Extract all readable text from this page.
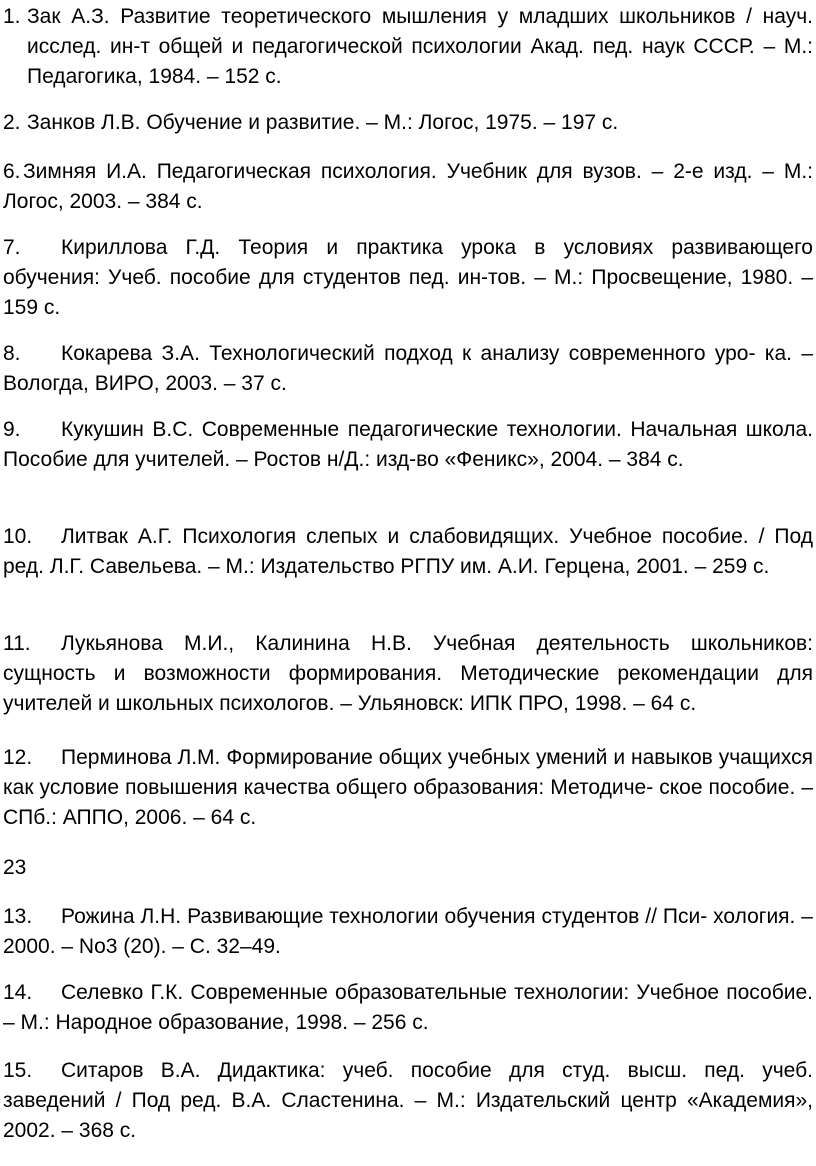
1. Зак А.З. Развитие теоретического мышления у младших школьников / науч. исслед. ин-т общей и педагогической психологии Акад. пед. наук СССР. – М.: Педагогика, 1984. – 152 с.

2. Занков Л.В. Обучение и развитие. – М.: Логос, 1975. – 197 с.

6. Зимняя И.А. Педагогическая психология. Учебник для вузов. – 2-е изд. – М.: Логос, 2003. – 384 с.

7. Кириллова Г.Д. Теория и практика урока в условиях развивающего обучения: Учеб. пособие для студентов пед. ин-тов. – М.: Просвещение, 1980. – 159 с.

8. Кокарева З.А. Технологический подход к анализу современного уро- ка. – Вологда, ВИРО, 2003. – 37 с.

9. Кукушин В.С. Современные педагогические технологии. Начальная школа. Пособие для учителей. – Ростов н/Д.: изд-во «Феникс», 2004. – 384 с.

10. Литвак А.Г. Психология слепых и слабовидящих. Учебное пособие. / Под ред. Л.Г. Савельева. – М.: Издательство РГПУ им. А.И. Герцена, 2001. – 259 с.

11. Лукьянова М.И., Калинина Н.В. Учебная деятельность школьников: сущность и возможности формирования. Методические рекомендации для учителей и школьных психологов. – Ульяновск: ИПК ПРО, 1998. – 64 с.

12. Перминова Л.М. Формирование общих учебных умений и навыков учащихся как условие повышения качества общего образования: Методиче- ское пособие. – СПб.: АППО, 2006. – 64 с.

23

13. Рожина Л.Н. Развивающие технологии обучения студентов // Пси- хология. – 2000. – No3 (20). – С. 32–49.

14. Селевко Г.К. Современные образовательные технологии: Учебное пособие. – М.: Народное образование, 1998. – 256 с.

15. Ситаров В.А. Дидактика: учеб. пособие для студ. высш. пед. учеб. заведений / Под ред. В.А. Сластенина. – М.: Издательский центр «Академия», 2002. – 368 с.
